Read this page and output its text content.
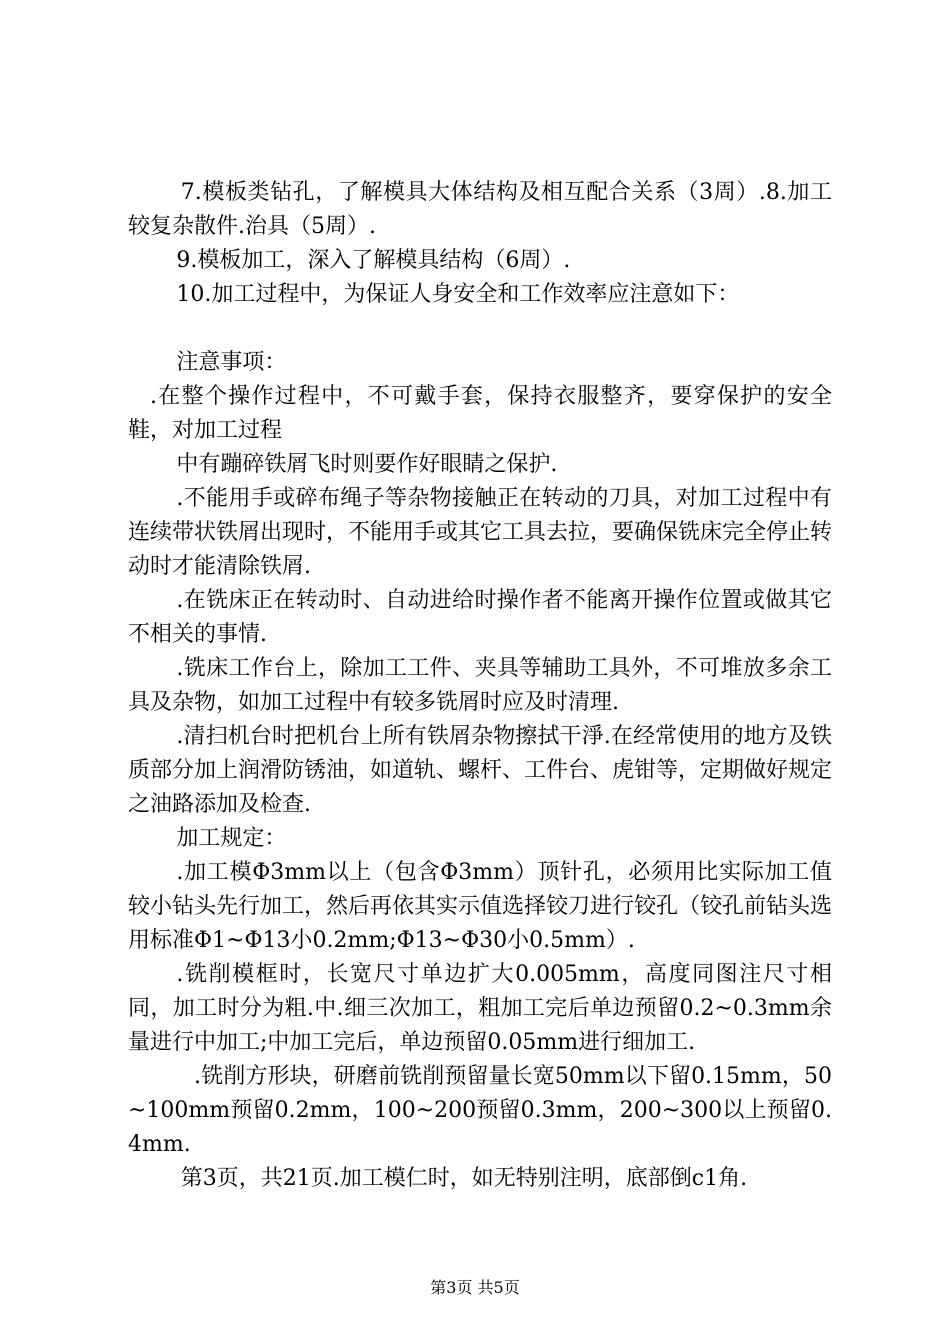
7.模板类钻孔，了解模具大体结构及相互配合关系（3周）.8.加工较复杂散件.治具（5周）.

9.模板加工，深入了解模具结构（6周）.

10.加工过程中，为保证人身安全和工作效率应注意如下：

注意事项：

.在整个操作过程中，不可戴手套，保持衣服整齐，要穿保护的安全鞋，对加工过程

中有蹦碎铁屑飞时则要作好眼睛之保护.

.不能用手或碎布绳子等杂物接触正在转动的刀具，对加工过程中有连续带状铁屑出现时，不能用手或其它工具去拉，要确保铣床完全停止转动时才能清除铁屑.

.在铣床正在转动时、自动进给时操作者不能离开操作位置或做其它不相关的事情.

.铣床工作台上，除加工工件、夹具等辅助工具外，不可堆放多余工具及杂物，如加工过程中有较多铣屑时应及时清理.

.清扫机台时把机台上所有铁屑杂物擦拭干淨.在经常使用的地方及铁质部分加上润滑防锈油，如道轨、螺杆、工件台、虎钳等，定期做好规定之油路添加及检查.

加工规定：

.加工模Φ3mm以上（包含Φ3mm）顶针孔，必须用比实际加工值较小钻头先行加工，然后再依其实示值选择铰刀进行铰孔（铰孔前钻头选用标准Φ1~Φ13小0.2mm;Φ13~Φ30小0.5mm）.

.铣削模框时，长宽尺寸单边扩大0.005mm，高度同图注尺寸相同，加工时分为粗.中.细三次加工，粗加工完后单边预留0.2~0.3mm余量进行中加工;中加工完后，单边预留0.05mm进行细加工.

.铣削方形块，研磨前铣削预留量长宽50mm以下留0.15mm，50~100mm预留0.2mm，100~200预留0.3mm，200~300以上预留0.4mm.

第3页，共21页.加工模仁时，如无特别注明，底部倒c1角.

第3页 共5页
